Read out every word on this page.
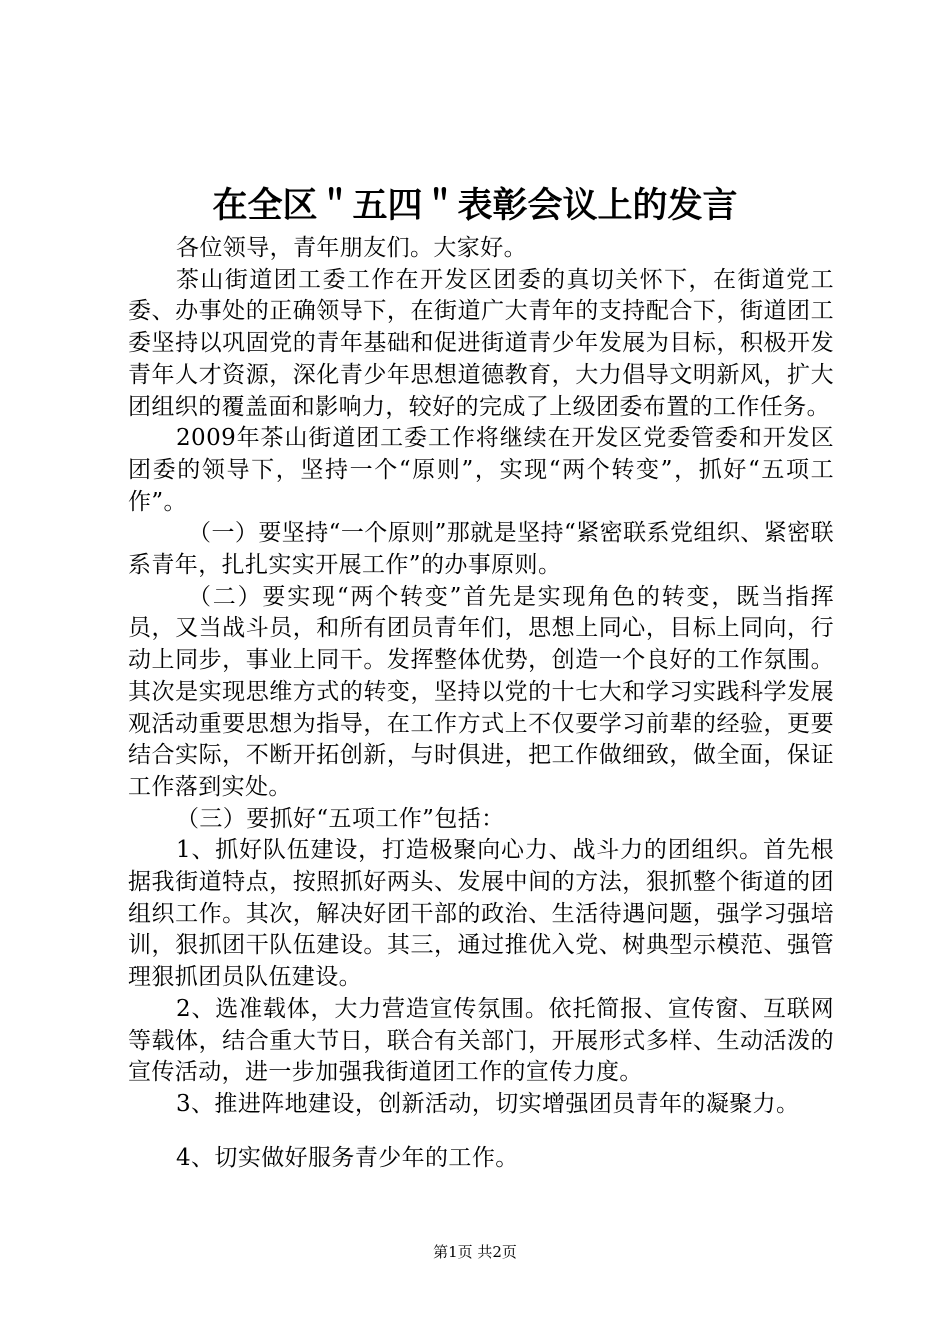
在全区＂五四＂表彰会议上的发言

各位领导，青年朋友们。大家好。

茶山街道团工委工作在开发区团委的真切关怀下，在街道党工委、办事处的正确领导下，在街道广大青年的支持配合下，街道团工委坚持以巩固党的青年基础和促进街道青少年发展为目标，积极开发青年人才资源，深化青少年思想道德教育，大力倡导文明新风，扩大团组织的覆盖面和影响力，较好的完成了上级团委布置的工作任务。

2009年茶山街道团工委工作将继续在开发区党委管委和开发区团委的领导下，坚持一个“原则”，实现“两个转变”，抓好“五项工作”。

（一）要坚持“一个原则”那就是坚持“紧密联系党组织、紧密联系青年，扎扎实实开展工作”的办事原则。

（二）要实现“两个转变”首先是实现角色的转变，既当指挥员，又当战斗员，和所有团员青年们，思想上同心，目标上同向，行动上同步，事业上同干。发挥整体优势，创造一个良好的工作氛围。其次是实现思维方式的转变，坚持以党的十七大和学习实践科学发展观活动重要思想为指导，在工作方式上不仅要学习前辈的经验，更要结合实际，不断开拓创新，与时俱进，把工作做细致，做全面，保证工作落到实处。

（三）要抓好“五项工作”包括：

1、抓好队伍建设，打造极聚向心力、战斗力的团组织。首先根据我街道特点，按照抓好两头、发展中间的方法，狠抓整个街道的团组织工作。其次，解决好团干部的政治、生活待遇问题，强学习强培训，狠抓团干队伍建设。其三，通过推优入党、树典型示模范、强管理狠抓团员队伍建设。

2、选准载体，大力营造宣传氛围。依托简报、宣传窗、互联网等载体，结合重大节日，联合有关部门，开展形式多样、生动活泼的宣传活动，进一步加强我街道团工作的宣传力度。

3、推进阵地建设，创新活动，切实增强团员青年的凝聚力。

4、切实做好服务青少年的工作。

第1页 共2页
